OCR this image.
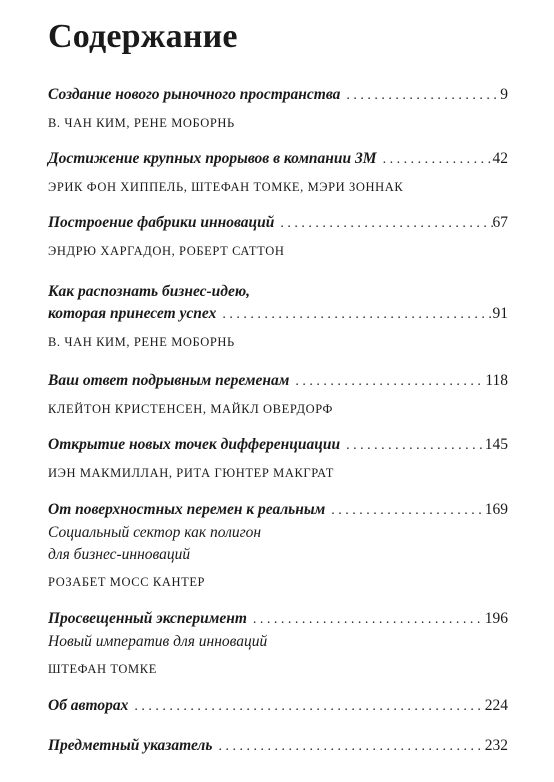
Содержание
Создание нового рыночного пространства . . .	9
В. ЧАН КИМ, РЕНЕ МОБОРНЬ
Достижение крупных прорывов в компании 3М . . .	42
ЭРИК ФОН ХИППЕЛЬ, ШТЕФАН ТОМКЕ, МЭРИ ЗОННАК
Построение фабрики инноваций . . .	67
ЭНДРЮ ХАРГАДОН, РОБЕРТ САТТОН
Как распознать бизнес-идею,
которая принесет успех . . .	91
В. ЧАН КИМ, РЕНЕ МОБОРНЬ
Ваш ответ подрывным переменам . . .	118
КЛЕЙТОН КРИСТЕНСЕН, МАЙКЛ ОВЕРДОРФ
Открытие новых точек дифференциации . . .	145
ИЭН МАКМИЛЛАН, РИТА ГЮНТЕР МАКГРАТ
От поверхностных перемен к реальным . . .	169
Социальный сектор как полигон
для бизнес-инноваций
РОЗАБЕТ МОСС КАНТЕР
Просвещенный эксперимент . . .	196
Новый императив для инноваций
ШТЕФАН ТОМКЕ
Об авторах . . .	224
Предметный указатель . . .	232
